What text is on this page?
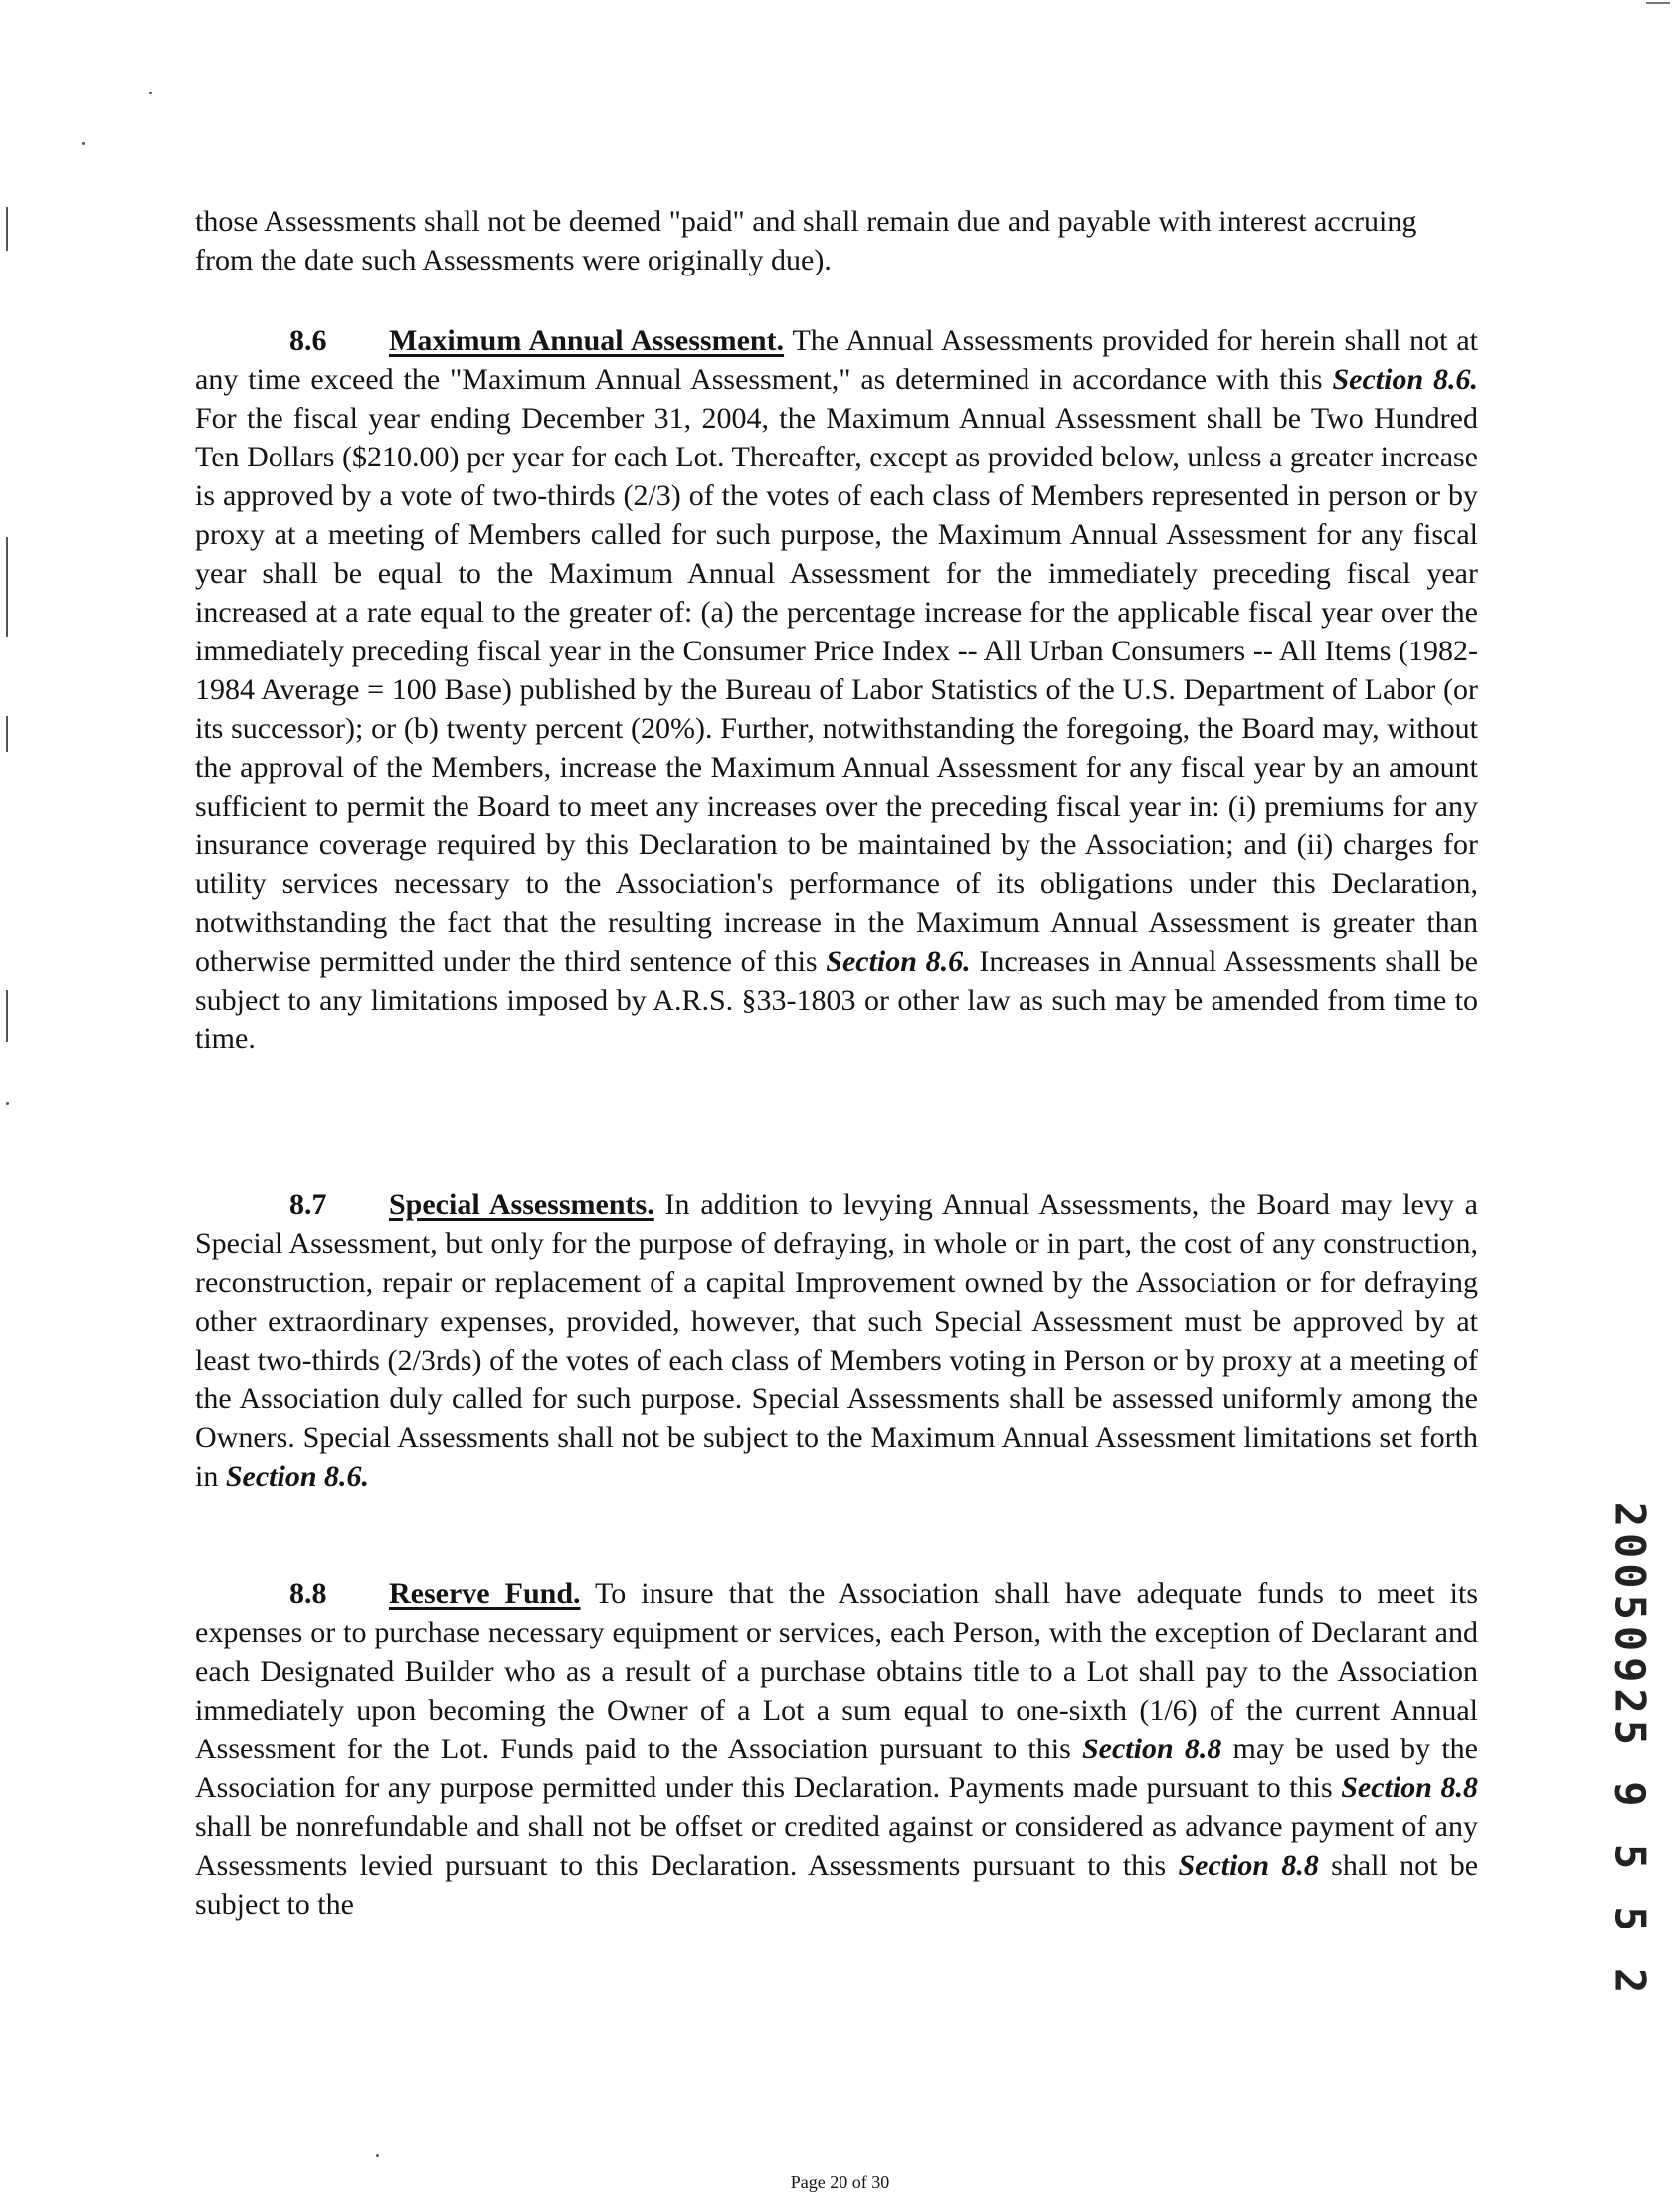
those Assessments shall not be deemed "paid" and shall remain due and payable with interest accruing from the date such Assessments were originally due).

8.6 Maximum Annual Assessment. The Annual Assessments provided for herein shall not at any time exceed the "Maximum Annual Assessment," as determined in accordance with this Section 8.6. For the fiscal year ending December 31, 2004, the Maximum Annual Assessment shall be Two Hundred Ten Dollars ($210.00) per year for each Lot. Thereafter, except as provided below, unless a greater increase is approved by a vote of two-thirds (2/3) of the votes of each class of Members represented in person or by proxy at a meeting of Members called for such purpose, the Maximum Annual Assessment for any fiscal year shall be equal to the Maximum Annual Assessment for the immediately preceding fiscal year increased at a rate equal to the greater of: (a) the percentage increase for the applicable fiscal year over the immediately preceding fiscal year in the Consumer Price Index -- All Urban Consumers -- All Items (1982-1984 Average = 100 Base) published by the Bureau of Labor Statistics of the U.S. Department of Labor (or its successor); or (b) twenty percent (20%). Further, notwithstanding the foregoing, the Board may, without the approval of the Members, increase the Maximum Annual Assessment for any fiscal year by an amount sufficient to permit the Board to meet any increases over the preceding fiscal year in: (i) premiums for any insurance coverage required by this Declaration to be maintained by the Association; and (ii) charges for utility services necessary to the Association's performance of its obligations under this Declaration, notwithstanding the fact that the resulting increase in the Maximum Annual Assessment is greater than otherwise permitted under the third sentence of this Section 8.6. Increases in Annual Assessments shall be subject to any limitations imposed by A.R.S. §33-1803 or other law as such may be amended from time to time.

8.7 Special Assessments. In addition to levying Annual Assessments, the Board may levy a Special Assessment, but only for the purpose of defraying, in whole or in part, the cost of any construction, reconstruction, repair or replacement of a capital Improvement owned by the Association or for defraying other extraordinary expenses, provided, however, that such Special Assessment must be approved by at least two-thirds (2/3rds) of the votes of each class of Members voting in Person or by proxy at a meeting of the Association duly called for such purpose. Special Assessments shall be assessed uniformly among the Owners. Special Assessments shall not be subject to the Maximum Annual Assessment limitations set forth in Section 8.6.

8.8 Reserve Fund. To insure that the Association shall have adequate funds to meet its expenses or to purchase necessary equipment or services, each Person, with the exception of Declarant and each Designated Builder who as a result of a purchase obtains title to a Lot shall pay to the Association immediately upon becoming the Owner of a Lot a sum equal to one-sixth (1/6) of the current Annual Assessment for the Lot. Funds paid to the Association pursuant to this Section 8.8 may be used by the Association for any purpose permitted under this Declaration. Payments made pursuant to this Section 8.8 shall be nonrefundable and shall not be offset or credited against or considered as advance payment of any Assessments levied pursuant to this Declaration. Assessments pursuant to this Section 8.8 shall not be subject to the	20050925 9 5 5 2
Page 20 of 30
